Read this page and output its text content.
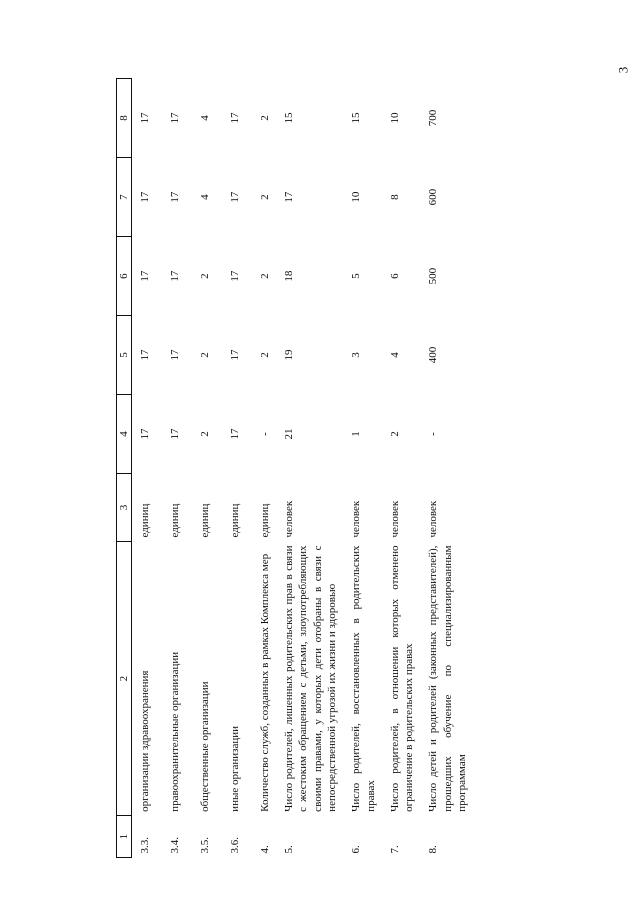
3
1	2	3	4	5	6	7	8
3.3.	организации здравоохранения	единиц	17	17	17	17	17
3.4.	правоохранительные организации	единиц	17	17	17	17	17
3.5.	общественные организации	единиц	2	2	2	4	4
3.6.	иные организации	единиц	17	17	17	17	17
4.	Количество служб, созданных в рамках Комплекса мер	единиц	-	2	2	2	2
5.	Число родителей, лишенных родительских прав в связи с жестоким обращением с детьми, злоупотребляющих своими правами, у которых дети отобраны в связи с непосредственной угрозой их жизни и здоровью	человек	21	19	18	17	15
6.	Число родителей, восстановленных в родительских правах	человек	1	3	5	10	15
7.	Число родителей, в отношении которых отменено ограничение в родительских правах	человек	2	4	6	8	10
8.	Число детей и родителей (законных представителей), прошедших обучение по специализированным программам	человек	-	400	500	600	700
